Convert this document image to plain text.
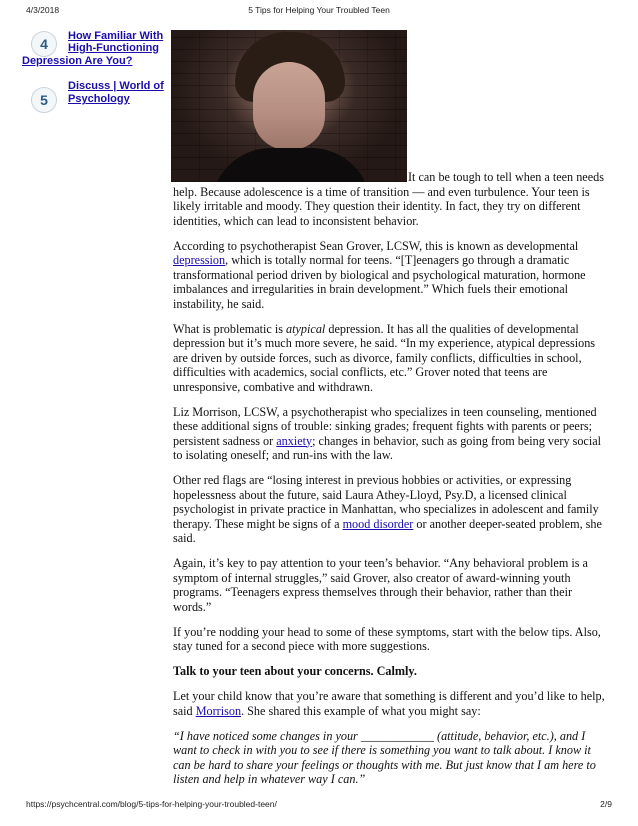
4/3/2018	5 Tips for Helping Your Troubled Teen
4	How Familiar With
High-Functioning
Depression Are You?
5
Discuss | World of
Psychology

It can be tough to tell when a teen needs help. Because adolescence is a time of transition — and even turbulence. Your teen is likely irritable and moody. They question their identity. In fact, they try on different identities, which can lead to inconsistent behavior.

According to psychotherapist Sean Grover, LCSW, this is known as developmental depression, which is totally normal for teens. “[T]eenagers go through a dramatic transformational period driven by biological and psychological maturation, hormone imbalances and irregularities in brain development.” Which fuels their emotional instability, he said.

What is problematic is atypical depression. It has all the qualities of developmental depression but it’s much more severe, he said. “In my experience, atypical depressions are driven by outside forces, such as divorce, family conflicts, difficulties in school, difficulties with academics, social conflicts, etc.” Grover noted that teens are unresponsive, combative and withdrawn.

Liz Morrison, LCSW, a psychotherapist who specializes in teen counseling, mentioned these additional signs of trouble: sinking grades; frequent fights with parents or peers; persistent sadness or anxiety; changes in behavior, such as going from being very social to isolating oneself; and run-ins with the law.

Other red flags are “losing interest in previous hobbies or activities, or expressing hopelessness about the future, said Laura Athey-Lloyd, Psy.D, a licensed clinical psychologist in private practice in Manhattan, who specializes in adolescent and family therapy. These might be signs of a mood disorder or another deeper-seated problem, she said.

Again, it’s key to pay attention to your teen’s behavior. “Any behavioral problem is a symptom of internal struggles,” said Grover, also creator of award-winning youth programs. “Teenagers express themselves through their behavior, rather than their words.”

If you’re nodding your head to some of these symptoms, start with the below tips. Also, stay tuned for a second piece with more suggestions.

Talk to your teen about your concerns. Calmly.

Let your child know that you’re aware that something is different and you’d like to help, said Morrison. She shared this example of what you might say:

“I have noticed some changes in your ____________ (attitude, behavior, etc.), and I want to check in with you to see if there is something you want to talk about. I know it can be hard to share your feelings or thoughts with me. But just know that I am here to listen and help in whatever way I can.”

https://psychcentral.com/blog/5-tips-for-helping-your-troubled-teen/	2/9
